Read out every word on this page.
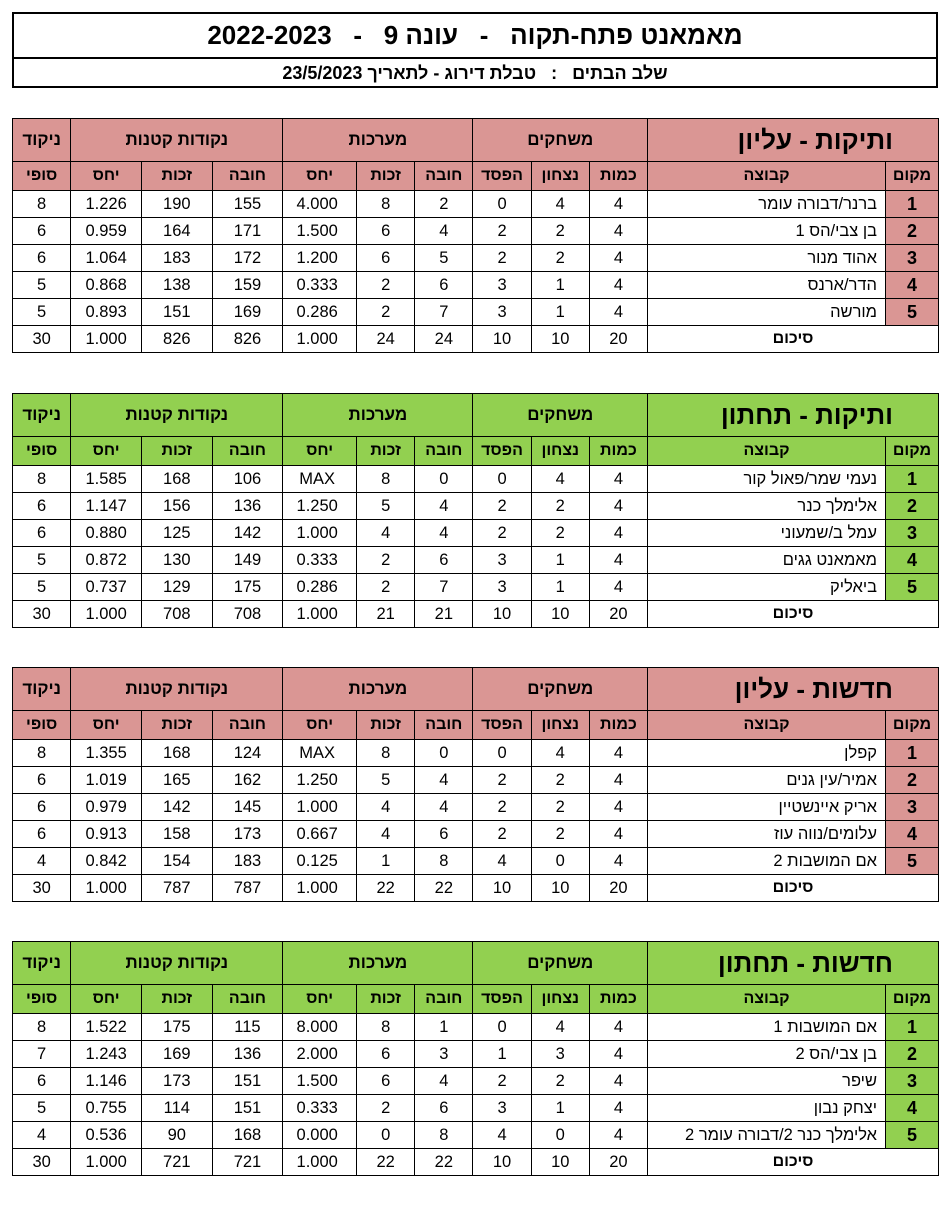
מאמאנט פתח-תקוה   -   עונה 9   -   2022-2023
שלב הבתים   :   טבלת דירוג - לתאריך 23/5/2023
ותיקות - עליון		משחקים			מערכות			נקודות קטנות			ניקוד
מקום	קבוצה	כמות	נצחון	הפסד	חובה	זכות	יחס	חובה	זכות	יחס	סופי
1	ברנר/דבורה עומר	4	4	0	2	8	4.000	155	190	1.226	8
2	בן צבי/הס 1	4	2	2	4	6	1.500	171	164	0.959	6
3	אהוד מנור	4	2	2	5	6	1.200	172	183	1.064	6
4	הדר/ארנס	4	1	3	6	2	0.333	159	138	0.868	5
5	מורשה	4	1	3	7	2	0.286	169	151	0.893	5
סיכום		20	10	10	24	24	1.000	826	826	1.000	30
ותיקות - תחתון		משחקים			מערכות			נקודות קטנות			ניקוד
מקום	קבוצה	כמות	נצחון	הפסד	חובה	זכות	יחס	חובה	זכות	יחס	סופי
1	נעמי שמר/פאול קור	4	4	0	0	8	MAX	106	168	1.585	8
2	אלימלך כנר	4	2	2	4	5	1.250	136	156	1.147	6
3	עמל ב/שמעוני	4	2	2	4	4	1.000	142	125	0.880	6
4	מאמאנט גגים	4	1	3	6	2	0.333	149	130	0.872	5
5	ביאליק	4	1	3	7	2	0.286	175	129	0.737	5
סיכום		20	10	10	21	21	1.000	708	708	1.000	30
חדשות - עליון		משחקים			מערכות			נקודות קטנות			ניקוד
מקום	קבוצה	כמות	נצחון	הפסד	חובה	זכות	יחס	חובה	זכות	יחס	סופי
1	קפלן	4	4	0	0	8	MAX	124	168	1.355	8
2	אמיר/עין גנים	4	2	2	4	5	1.250	162	165	1.019	6
3	אריק איינשטיין	4	2	2	4	4	1.000	145	142	0.979	6
4	עלומים/נווה עוז	4	2	2	6	4	0.667	173	158	0.913	6
5	אם המושבות 2	4	0	4	8	1	0.125	183	154	0.842	4
סיכום		20	10	10	22	22	1.000	787	787	1.000	30
חדשות - תחתון		משחקים			מערכות			נקודות קטנות			ניקוד
מקום	קבוצה	כמות	נצחון	הפסד	חובה	זכות	יחס	חובה	זכות	יחס	סופי
1	אם המושבות 1	4	4	0	1	8	8.000	115	175	1.522	8
2	בן צבי/הס 2	4	3	1	3	6	2.000	136	169	1.243	7
3	שיפר	4	2	2	4	6	1.500	151	173	1.146	6
4	יצחק נבון	4	1	3	6	2	0.333	151	114	0.755	5
5	אלימלך כנר 2/דבורה עומר 2	4	0	4	8	0	0.000	168	90	0.536	4
סיכום		20	10	10	22	22	1.000	721	721	1.000	30
